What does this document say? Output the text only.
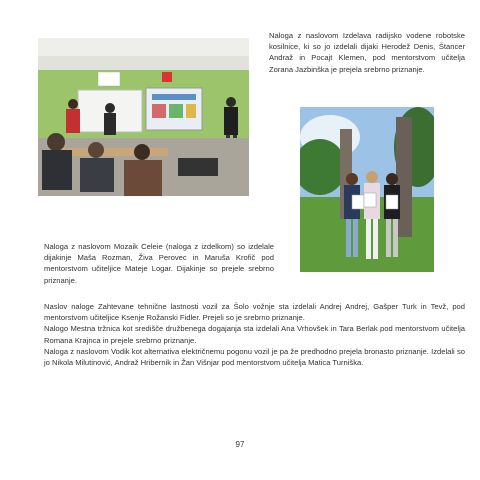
Naloga z naslovom Izdelava radijsko vodene robotske kosilnice, ki so jo izdelali dijaki Herodež Denis, Štancer Andraž in Pocajt Klemen, pod mentorstvom učitelja Zorana Jazbinška je prejela srebrno priznanje.

Naloga z naslovom Mozaik Celeie (naloga z izdelkom) so izdelale dijakinje Maša Rozman, Živa Perovec in Maruša Krofič pod mentorstvom učiteljice Mateje Logar. Dijakinje so prejele srebrno priznanje.

Naslov naloge Zahtevane tehnične lastnosti vozil za Šolo vožnje sta izdelali Andrej Andrej, Gašper Turk in Tevž, pod mentorstvom učiteljice Ksenje Rožanski Fidler. Prejeli so je srebrno priznanje.

Nalogo Mestna tržnica kot središče družbenega dogajanja sta izdelali Ana Vrhovšek in Tara Berlak pod mentorstvom učitelja Romana Krajnca in prejele srebrno priznanje.

Naloga z naslovom Vodik kot alternativa električnemu pogonu vozil je pa že predhodno prejela bronasto priznanje. Izdelali so jo Nikola Milutinović, Andraž Hribernik in Žan Višnjar pod mentorstvom učitelja Matica Turniška.

97
